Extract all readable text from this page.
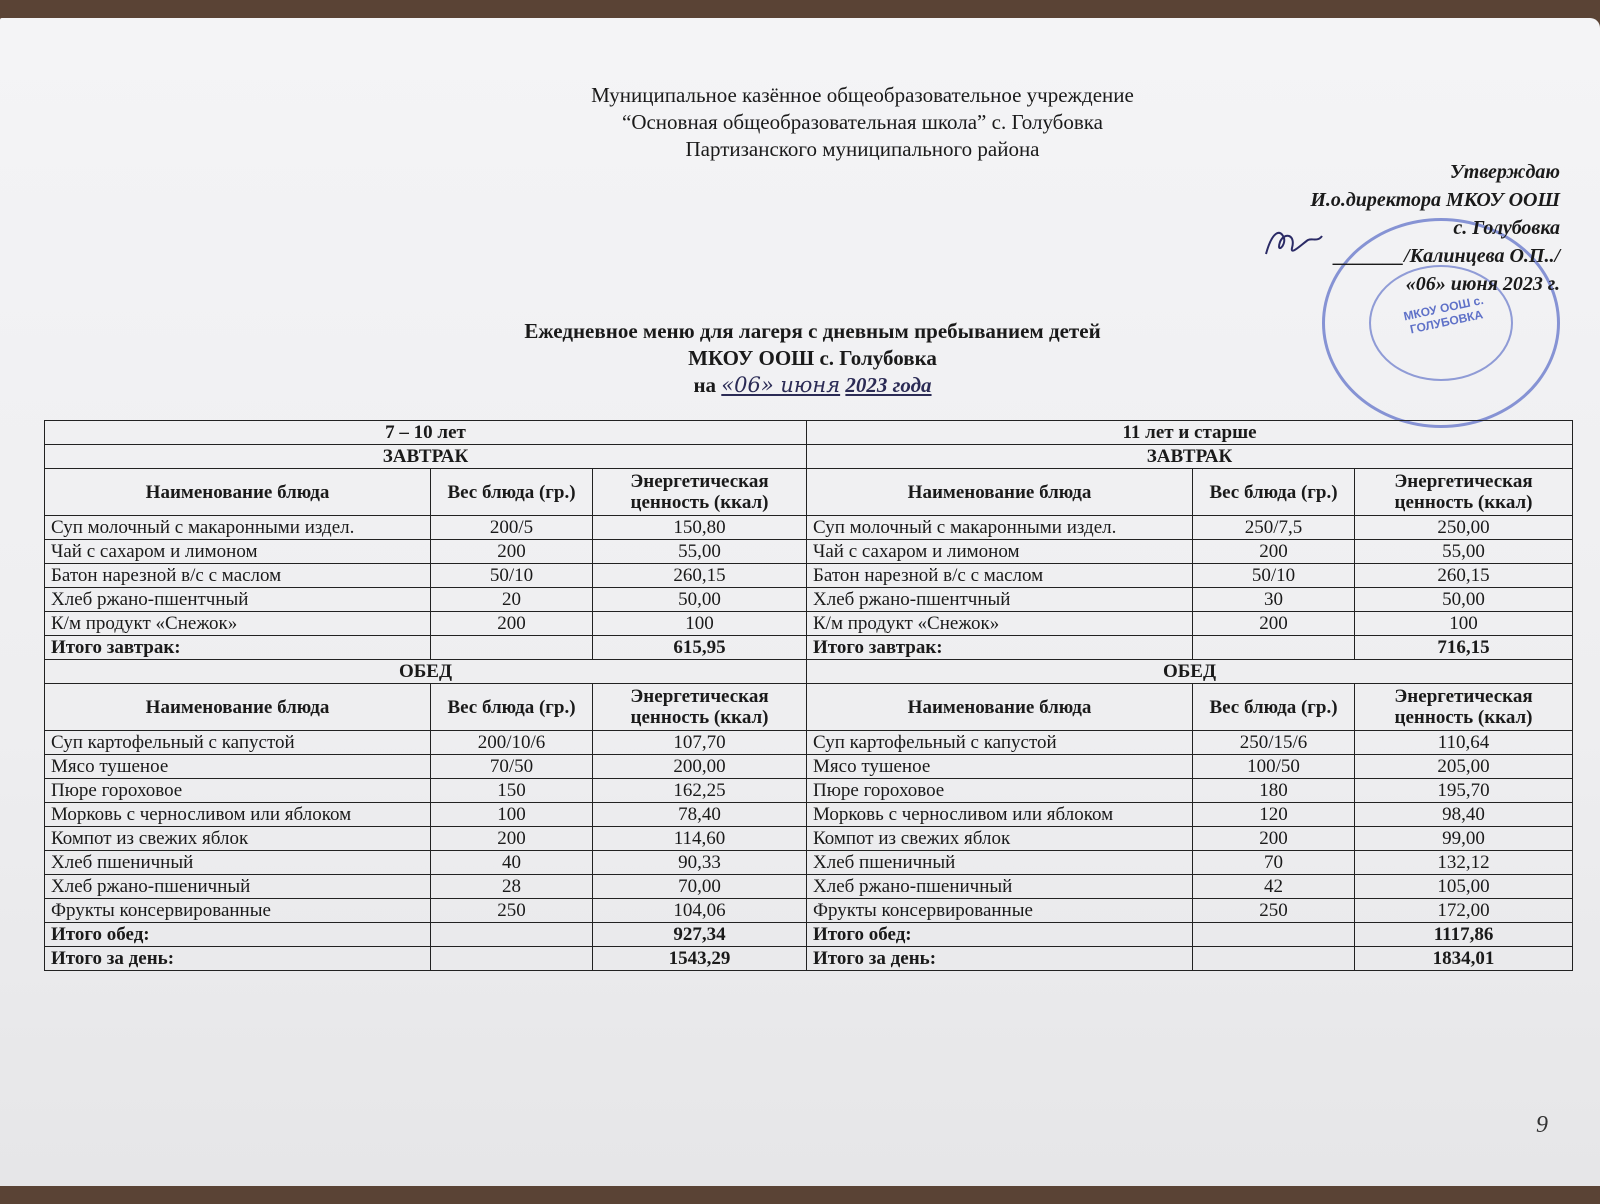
Муниципальное казённое общеобразовательное учреждение
“Основная общеобразовательная школа” с. Голубовка
Партизанского муниципального района
МКОУ ООШ с. ГОЛУБОВКА
Утверждаю
И.о.директора МКОУ ООШ
с. Голубовка
_______/Калинцева О.П../
«06» июня 2023 г.
Ежедневное меню для лагеря с дневным пребыванием детей
МКОУ ООШ с. Голубовка
на «06» июня 2023 года
7 – 10 лет		
ЗАВТРАК		
Наименование блюда	Вес блюда (гр.)	Энергетическая ценность (ккал)
Суп молочный с макаронными издел.	200/5	150,80
Чай с сахаром и лимоном	200	55,00
Батон нарезной в/с с маслом	50/10	260,15
Хлеб ржано-пшентчный	20	50,00
К/м продукт «Снежок»	200	100
Итого завтрак:		615,95
ОБЕД		
Наименование блюда	Вес блюда (гр.)	Энергетическая ценность (ккал)
Суп картофельный с капустой	200/10/6	107,70
Мясо тушеное	70/50	200,00
Пюре гороховое	150	162,25
Морковь с черносливом или яблоком	100	78,40
Компот из свежих яблок	200	114,60
Хлеб пшеничный	40	90,33
Хлеб ржано-пшеничный	28	70,00
Фрукты консервированные	250	104,06
Итого обед:		927,34
Итого за день:		1543,29
11 лет и старше		
ЗАВТРАК		
Наименование блюда	Вес блюда (гр.)	Энергетическая ценность (ккал)
Суп молочный с макаронными издел.	250/7,5	250,00
Чай с сахаром и лимоном	200	55,00
Батон нарезной в/с с маслом	50/10	260,15
Хлеб ржано-пшентчный	30	50,00
К/м продукт «Снежок»	200	100
Итого завтрак:		716,15
ОБЕД		
Наименование блюда	Вес блюда (гр.)	Энергетическая ценность (ккал)
Суп картофельный с капустой	250/15/6	110,64
Мясо тушеное	100/50	205,00
Пюре гороховое	180	195,70
Морковь с черносливом или яблоком	120	98,40
Компот из свежих яблок	200	99,00
Хлеб пшеничный	70	132,12
Хлеб ржано-пшеничный	42	105,00
Фрукты консервированные	250	172,00
Итого обед:		1117,86
Итого за день:		1834,01
9
